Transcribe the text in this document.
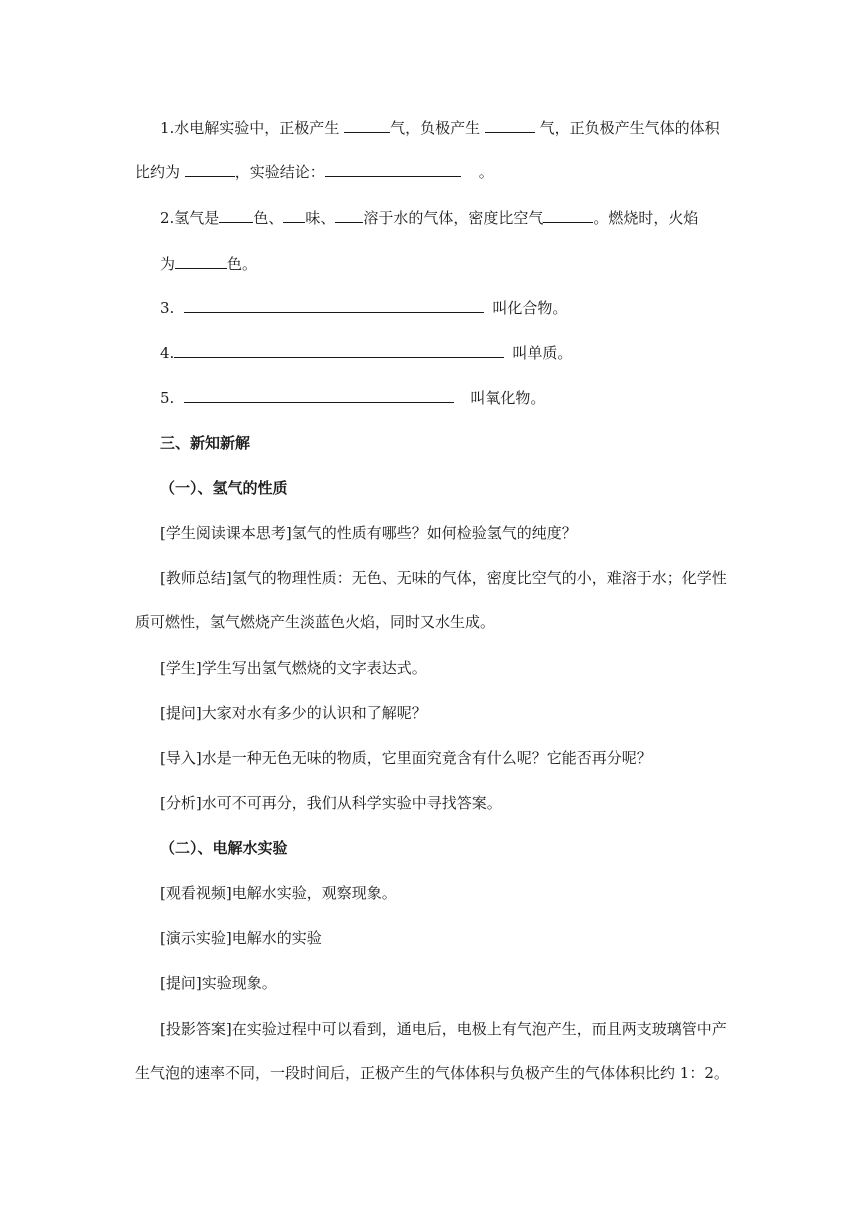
1.水电解实验中，正极产生	气，负极产生	气，正负极产生气体的体积
比约为	，实验结论：	。
2.氢气是 色、 味、 溶于水的气体，密度比空气	。燃烧时，火焰
为	色。
3.	叫化合物。
4.	叫单质。
5.	叫氧化物。
三、新知新解
（一）、氢气的性质
[学生阅读课本思考]氢气的性质有哪些？如何检验氢气的纯度？
[教师总结]氢气的物理性质：无色、无味的气体，密度比空气的小，难溶于水；化学性
质可燃性，氢气燃烧产生淡蓝色火焰，同时又水生成。
[学生]学生写出氢气燃烧的文字表达式。
[提问]大家对水有多少的认识和了解呢？
[导入]水是一种无色无味的物质，它里面究竟含有什么呢？它能否再分呢？
[分析]水可不可再分，我们从科学实验中寻找答案。
（二）、电解水实验
[观看视频]电解水实验，观察现象。
[演示实验]电解水的实验
[提问]实验现象。
[投影答案]在实验过程中可以看到，通电后，电极上有气泡产生，而且两支玻璃管中产
生气泡的速率不同，一段时间后，正极产生的气体体积与负极产生的气体体积比约 1：2。
